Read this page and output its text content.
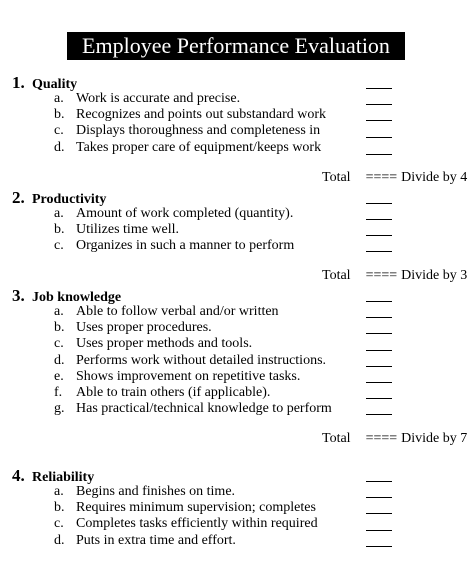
Employee Performance Evaluation
1. Quality
a. Work is accurate and precise.
b. Recognizes and points out substandard work
c. Displays thoroughness and completeness in
d. Takes proper care of equipment/keeps work
Total ==== Divide by 4
2. Productivity
a. Amount of work completed (quantity).
b. Utilizes time well.
c. Organizes in such a manner to perform
Total ==== Divide by 3
3. Job knowledge
a. Able to follow verbal and/or written
b. Uses proper procedures.
c. Uses proper methods and tools.
d. Performs work without detailed instructions.
e. Shows improvement on repetitive tasks.
f. Able to train others (if applicable).
g. Has practical/technical knowledge to perform
Total ==== Divide by 7
4. Reliability
a. Begins and finishes on time.
b. Requires minimum supervision; completes
c. Completes tasks efficiently within required
d. Puts in extra time and effort.
